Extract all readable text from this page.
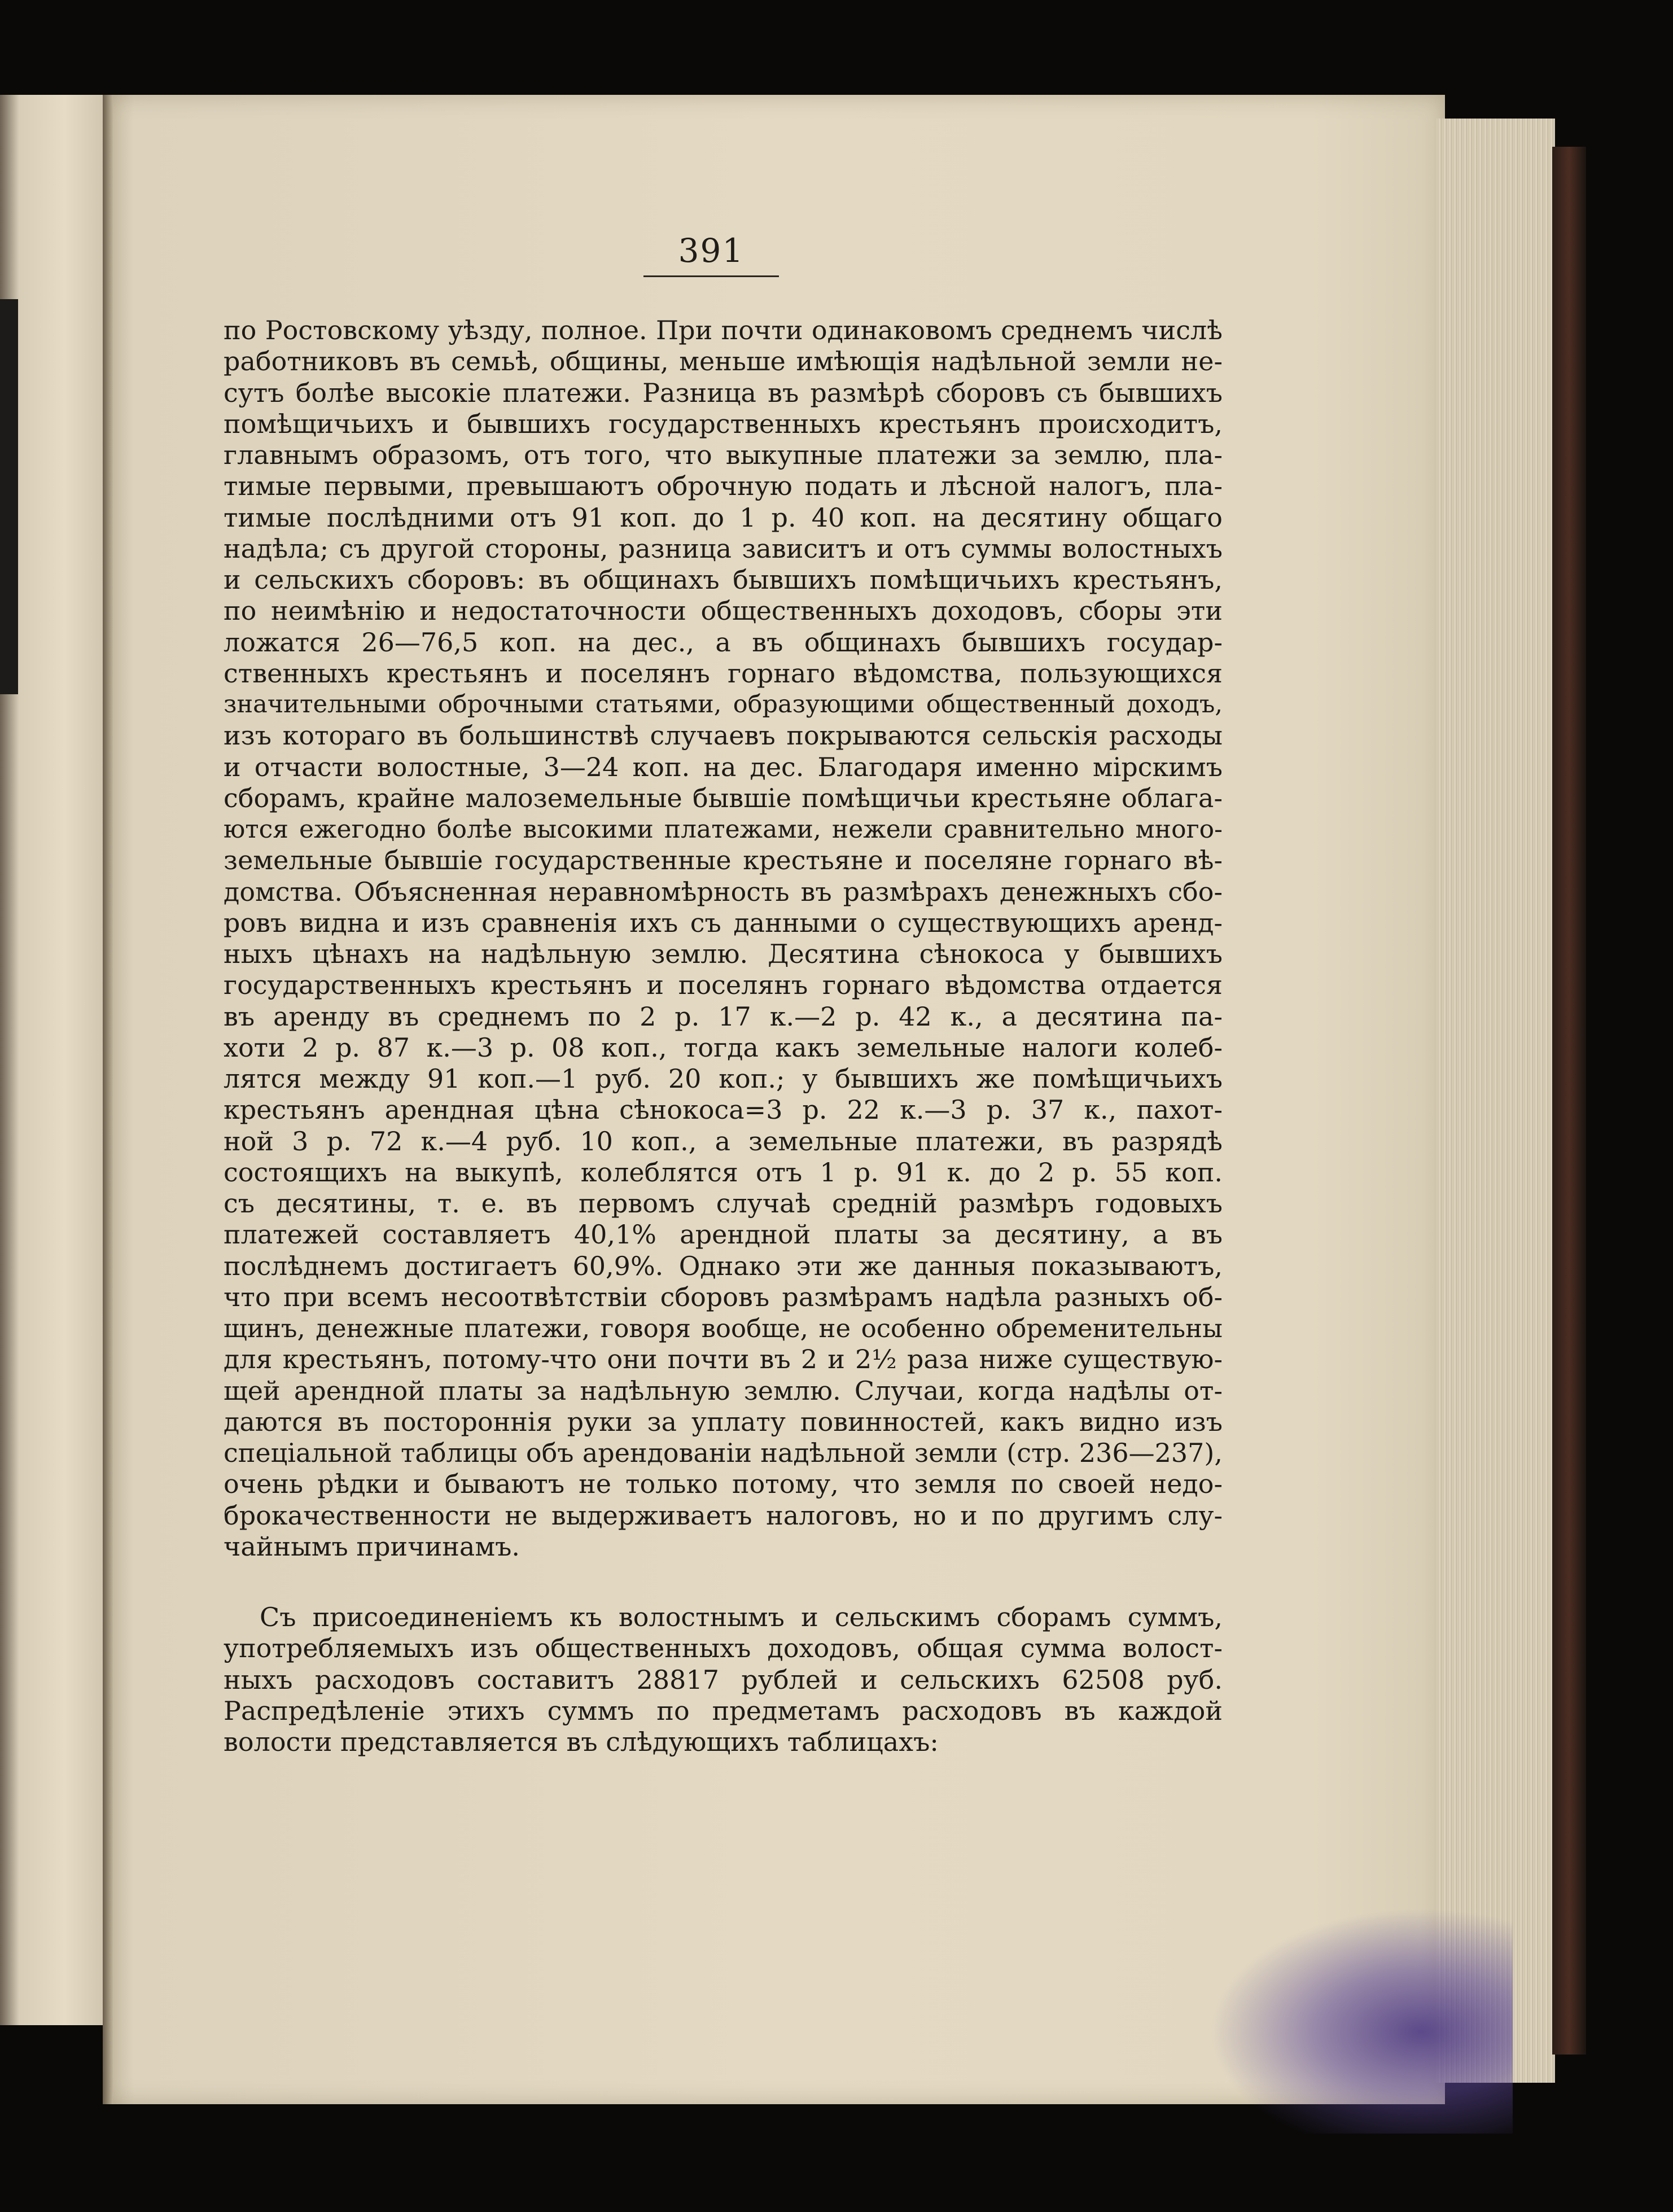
391
по Ростовскому уѣзду, полное. При почти одинаковомъ среднемъ числѣ
работниковъ въ семьѣ, общины, меньше имѣющія надѣльной земли не-
сутъ болѣе высокіе платежи. Разница въ размѣрѣ сборовъ съ бывшихъ
помѣщичьихъ и бывшихъ государственныхъ крестьянъ происходитъ,
главнымъ образомъ, отъ того, что выкупные платежи за землю, пла-
тимые первыми, превышаютъ оброчную подать и лѣсной налогъ, пла-
тимые послѣдними отъ 91 коп. до 1 р. 40 коп. на десятину общаго
надѣла; съ другой стороны, разница зависитъ и отъ суммы волостныхъ
и сельскихъ сборовъ: въ общинахъ бывшихъ помѣщичьихъ крестьянъ,
по неимѣнію и недостаточности общественныхъ доходовъ, сборы эти
ложатся 26—76,5 коп. на дес., а въ общинахъ бывшихъ государ-
ственныхъ крестьянъ и поселянъ горнаго вѣдомства, пользующихся
значительными оброчными статьями, образующими общественный доходъ,
изъ котораго въ большинствѣ случаевъ покрываются сельскія расходы
и отчасти волостные, 3—24 коп. на дес. Благодаря именно мірскимъ
сборамъ, крайне малоземельные бывшіе помѣщичьи крестьяне облага-
ются ежегодно болѣе высокими платежами, нежели сравнительно много-
земельные бывшіе государственные крестьяне и поселяне горнаго вѣ-
домства. Объясненная неравномѣрность въ размѣрахъ денежныхъ сбо-
ровъ видна и изъ сравненія ихъ съ данными о существующихъ аренд-
ныхъ цѣнахъ на надѣльную землю. Десятина сѣнокоса у бывшихъ
государственныхъ крестьянъ и поселянъ горнаго вѣдомства отдается
въ аренду въ среднемъ по 2 р. 17 к.—2 р. 42 к., а десятина па-
хоти 2 р. 87 к.—3 р. 08 коп., тогда какъ земельные налоги колеб-
лятся между 91 коп.—1 руб. 20 коп.; у бывшихъ же помѣщичьихъ
крестьянъ арендная цѣна сѣнокоса=3 р. 22 к.—3 р. 37 к., пахот-
ной 3 р. 72 к.—4 руб. 10 коп., а земельные платежи, въ разрядѣ
состоящихъ на выкупѣ, колеблятся отъ 1 р. 91 к. до 2 р. 55 коп.
съ десятины, т. е. въ первомъ случаѣ средній размѣръ годовыхъ
платежей составляетъ 40,1% арендной платы за десятину, а въ
послѣднемъ достигаетъ 60,9%. Однако эти же данныя показываютъ,
что при всемъ несоотвѣтствіи сборовъ размѣрамъ надѣла разныхъ об-
щинъ, денежные платежи, говоря вообще, не особенно обременительны
для крестьянъ, потому-что они почти въ 2 и 2½ раза ниже существую-
щей арендной платы за надѣльную землю. Случаи, когда надѣлы от-
даются въ постороннія руки за уплату повинностей, какъ видно изъ
спеціальной таблицы объ арендованіи надѣльной земли (стр. 236—237),
очень рѣдки и бываютъ не только потому, что земля по своей недо-
брокачественности не выдерживаетъ налоговъ, но и по другимъ слу-
чайнымъ причинамъ.
Съ присоединеніемъ къ волостнымъ и сельскимъ сборамъ суммъ,
употребляемыхъ изъ общественныхъ доходовъ, общая сумма волост-
ныхъ расходовъ составитъ 28817 рублей и сельскихъ 62508 руб.
Распредѣленіе этихъ суммъ по предметамъ расходовъ въ каждой
волости представляется въ слѣдующихъ таблицахъ:
